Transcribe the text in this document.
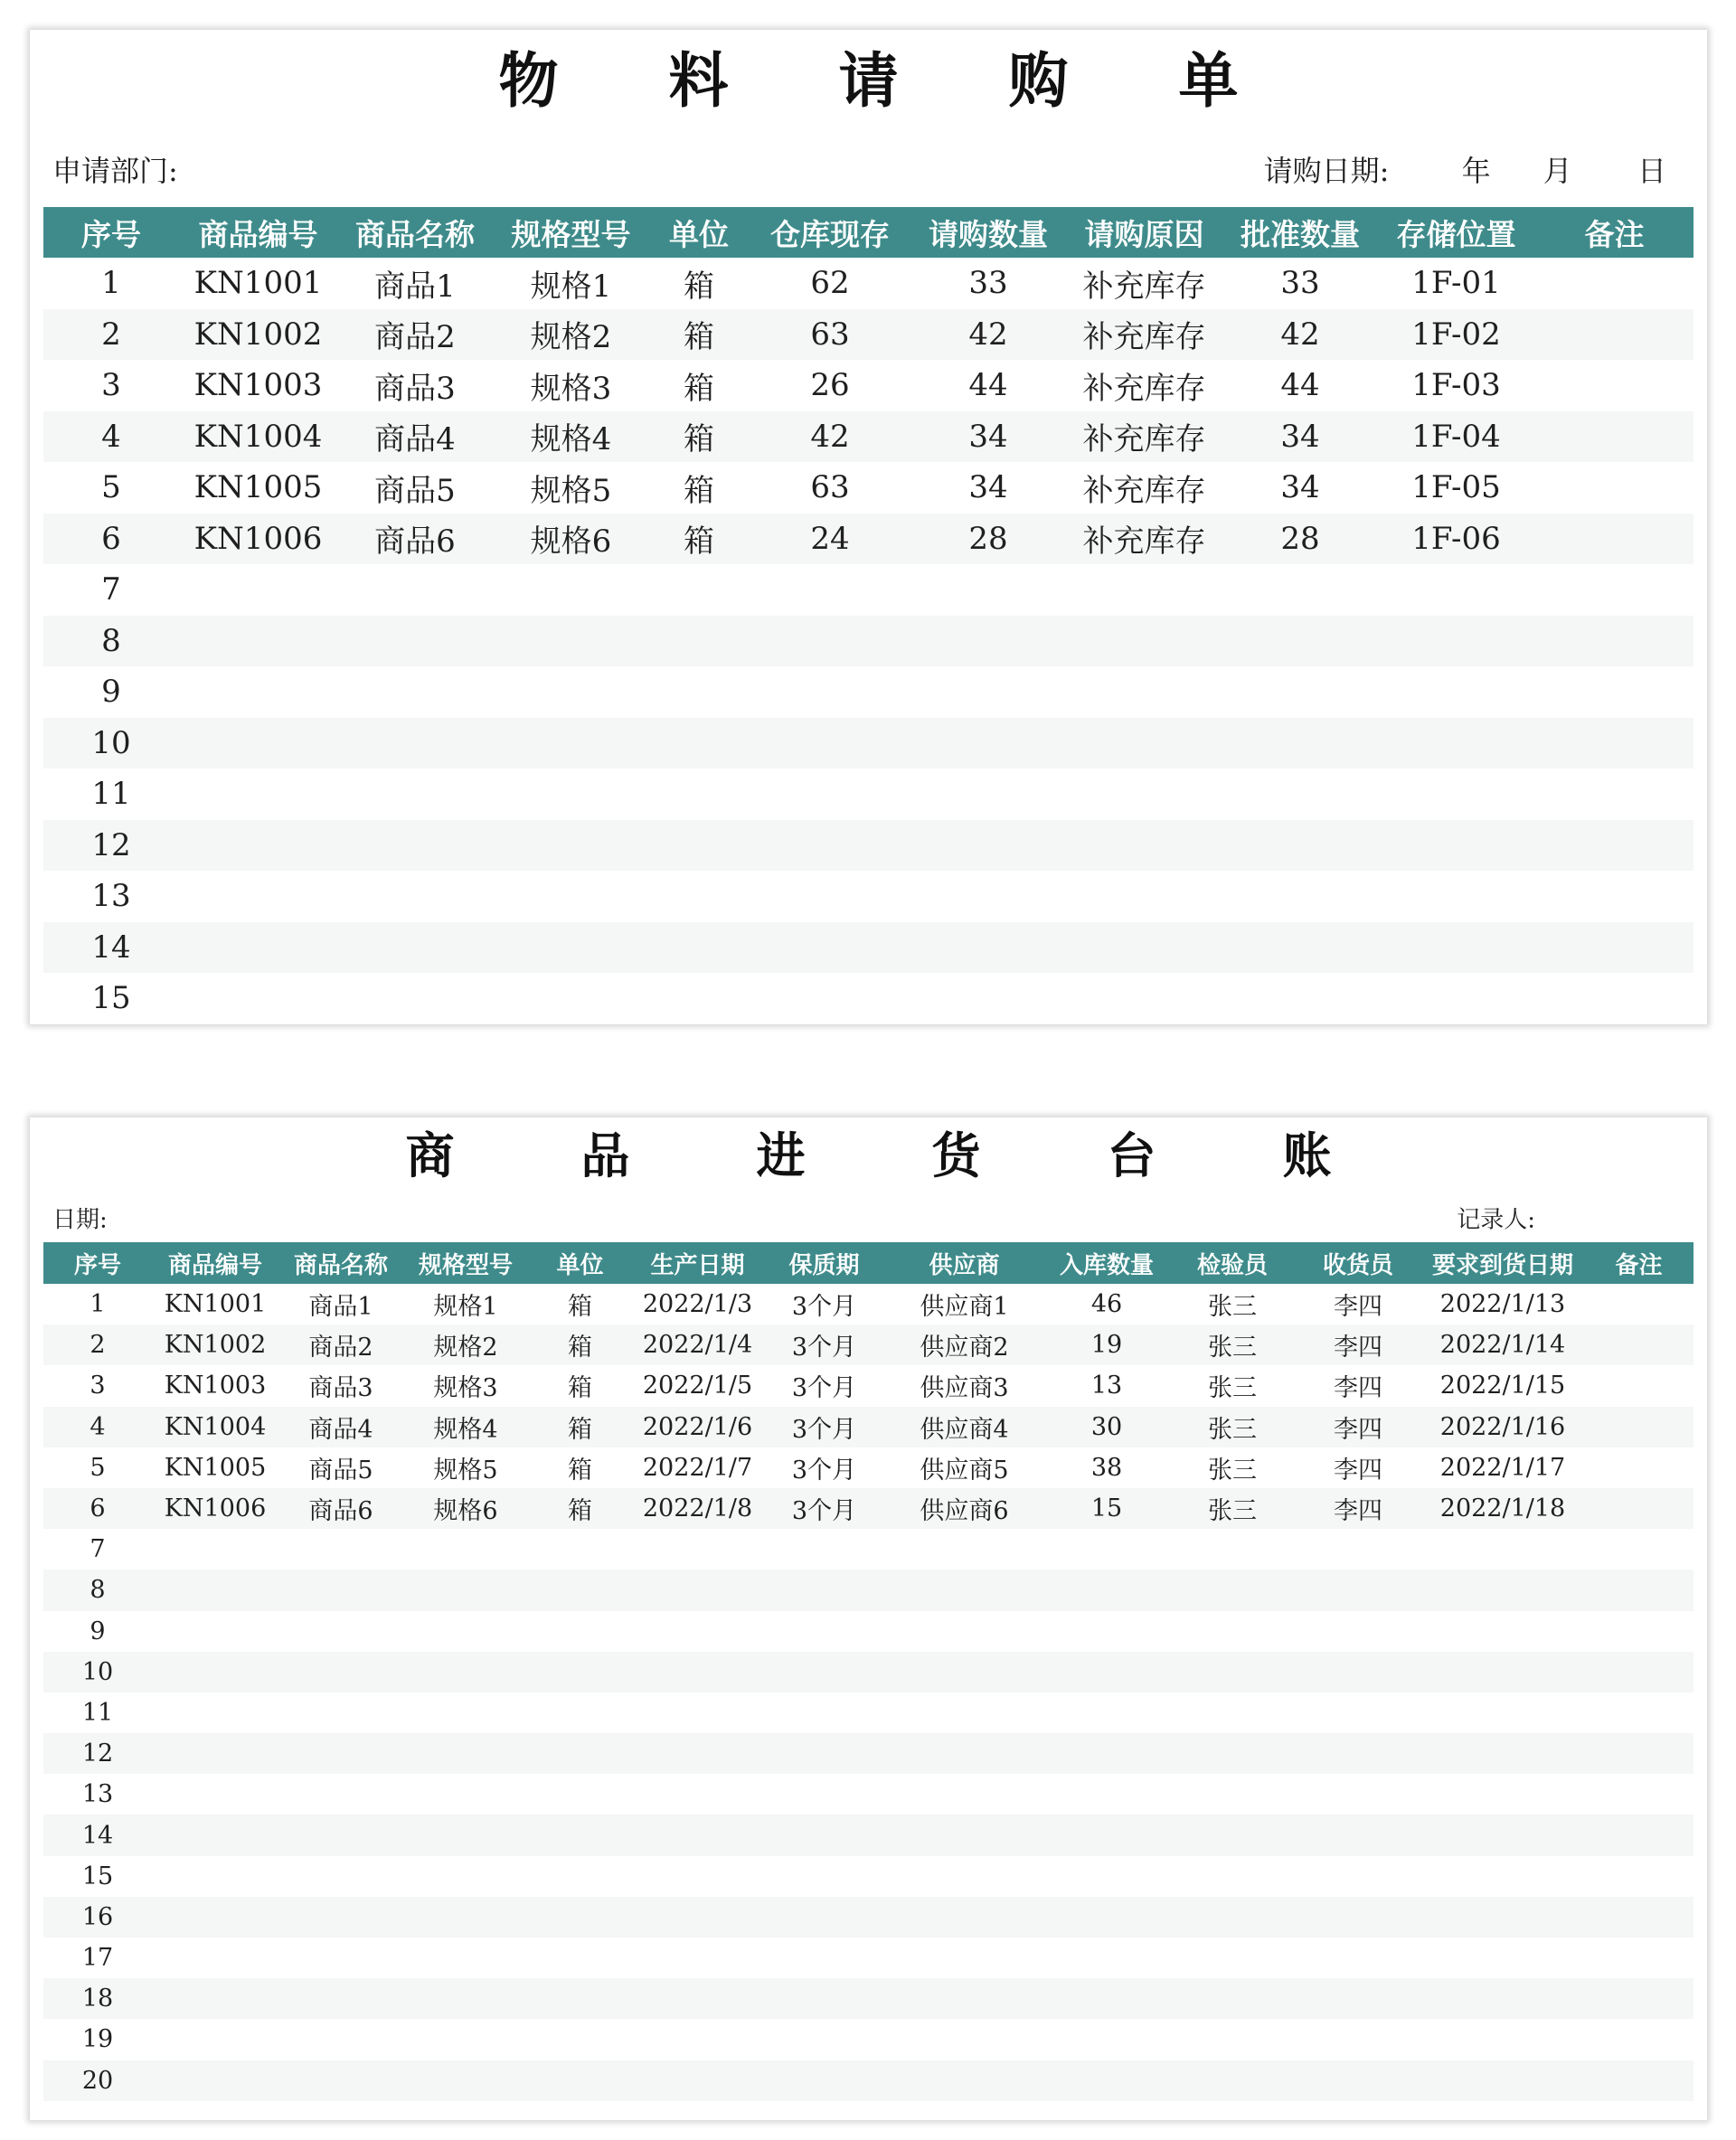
物料请购单
申请部门:	请购日期:	年 月 日
序号	商品编号	商品名称	规格型号	单位	仓库现存	请购数量	请购原因	批准数量	存储位置	备注
1	KN1001	商品1	规格1	箱	62	33	补充库存	33	1F-01	
2	KN1002	商品2	规格2	箱	63	42	补充库存	42	1F-02	
3	KN1003	商品3	规格3	箱	26	44	补充库存	44	1F-03	
4	KN1004	商品4	规格4	箱	42	34	补充库存	34	1F-04	
5	KN1005	商品5	规格5	箱	63	34	补充库存	34	1F-05	
6	KN1006	商品6	规格6	箱	24	28	补充库存	28	1F-06	
7										
8										
9										
10										
11										
12										
13										
14										
15										
商品进货台账
日期:	记录人:
序号	商品编号	商品名称	规格型号	单位	生产日期	保质期	供应商	入库数量	检验员	收货员	要求到货日期	备注
1	KN1001	商品1	规格1	箱	2022/1/3	3个月	供应商1	46	张三	李四	2022/1/13	
2	KN1002	商品2	规格2	箱	2022/1/4	3个月	供应商2	19	张三	李四	2022/1/14	
3	KN1003	商品3	规格3	箱	2022/1/5	3个月	供应商3	13	张三	李四	2022/1/15	
4	KN1004	商品4	规格4	箱	2022/1/6	3个月	供应商4	30	张三	李四	2022/1/16	
5	KN1005	商品5	规格5	箱	2022/1/7	3个月	供应商5	38	张三	李四	2022/1/17	
6	KN1006	商品6	规格6	箱	2022/1/8	3个月	供应商6	15	张三	李四	2022/1/18	
7												
8												
9												
10												
11												
12												
13												
14												
15												
16												
17												
18												
19												
20												
